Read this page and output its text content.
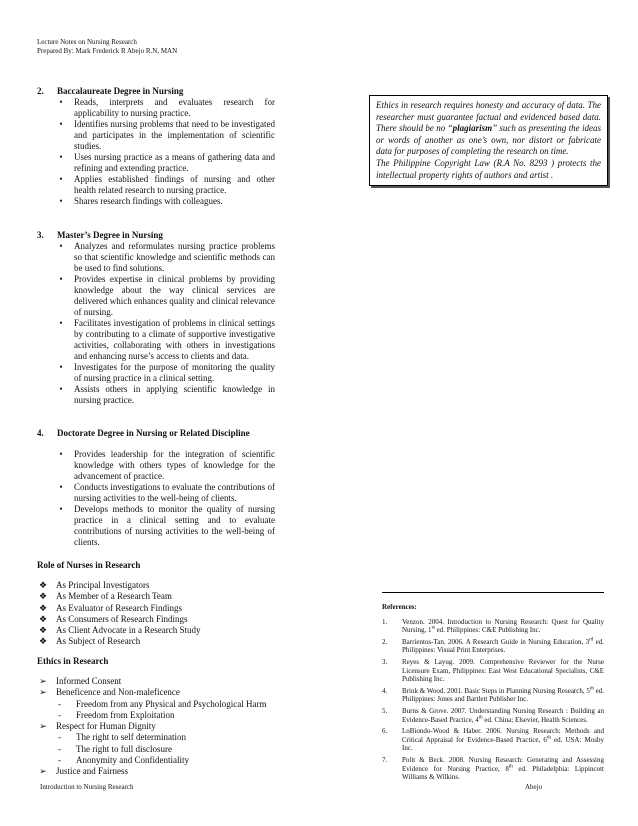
Lecture Notes on Nursing Research
Prepared By: Mark Frederick R Abejo R.N, MAN
2.	Baccalaureate Degree in Nursing
• Reads, interprets and evaluates research for applicability to nursing practice.
• Identifies nursing problems that need to be investigated and participates in the implementation of scientific studies.
• Uses nursing practice as a means of gathering data and refining and extending practice.
• Applies established findings of nursing and other health related research to nursing practice.
• Shares research findings with colleagues.
3.	Master’s Degree in Nursing
• Analyzes and reformulates nursing practice problems so that scientific knowledge and scientific methods can be used to find solutions.
• Provides expertise in clinical problems by providing knowledge about the way clinical services are delivered which enhances quality and clinical relevance of nursing.
• Facilitates investigation of problems in clinical settings by contributing to a climate of supportive investigative activities, collaborating with others in investigations and enhancing nurse’s access to clients and data.
• Investigates for the purpose of monitoring the quality of nursing practice in a clinical setting.
• Assists others in applying scientific knowledge in nursing practice.
4.	Doctorate Degree in Nursing or Related Discipline
• Provides leadership for the integration of scientific knowledge with others types of knowledge for the advancement of practice.
• Conducts investigations to evaluate the contributions of nursing activities to the well-being of clients.
• Develops methods to monitor the quality of nursing practice in a clinical setting and to evaluate contributions of nursing activities to the well-being of clients.
Role of Nurses in Research
❖ As Principal Investigators
❖ As Member of a Research Team
❖ As Evaluator of Research Findings
❖ As Consumers of Research Findings
❖ As Client Advocate in a Research Study
❖ As Subject of Research
Ethics in Research
➢ Informed Consent
➢ Beneficence and Non-maleficence
- Freedom from any Physical and Psychological Harm
- Freedom from Exploitation
➢ Respect for Human Dignity
- The right to self determination
- The right to full disclosure
- Anonymity and Confidentiality
➢ Justice and Fairness
Ethics in research requires honesty and accuracy of data. The researcher must guarantee factual and evidenced based data. There should be no “plagiarism” such as presenting the ideas or words of another as one’s own, nor distort or fabricate data for purposes of completing the research on time.
The Philippine Copyright Law (R.A No. 8293 ) protects the intellectual property rights of authors and artist .
References:
1. Venzon. 2004. Introduction to Nursing Research: Quest for Quality Nursing, 1st ed. Philippines: C&E Publishing Inc.
2. Barrientos-Tan. 2006. A Research Guide in Nursing Education, 3rd ed. Philippines: Visual Print Enterprises.
3. Reyes & Layug. 2009. Comprehensive Reviewer for the Nurse Licensure Exam, Philippines: East West Educational Specialists, C&E Publishing Inc.
4. Brink & Wood. 2001. Basic Steps in Planning Nursing Research, 5th ed. Philippines: Jones and Bartlett Publisher Inc.
5. Burns & Grove. 2007. Understanding Nursing Research : Building an Evidence-Based Practice, 4th ed. China; Elsevier, Health Sciences.
6. LoBiondo-Wood & Haber. 2006. Nursing Research: Methods and Critical Appraisal for Evidence-Based Practice, 6th ed. USA: Mosby Inc.
7. Polit & Beck. 2008. Nursing Research: Generating and Assessing Evidence for Nursing Practice, 8th ed. Philadelphia: Lippincott Williams & Wilkins.
Introduction to Nursing Research	Abejo
